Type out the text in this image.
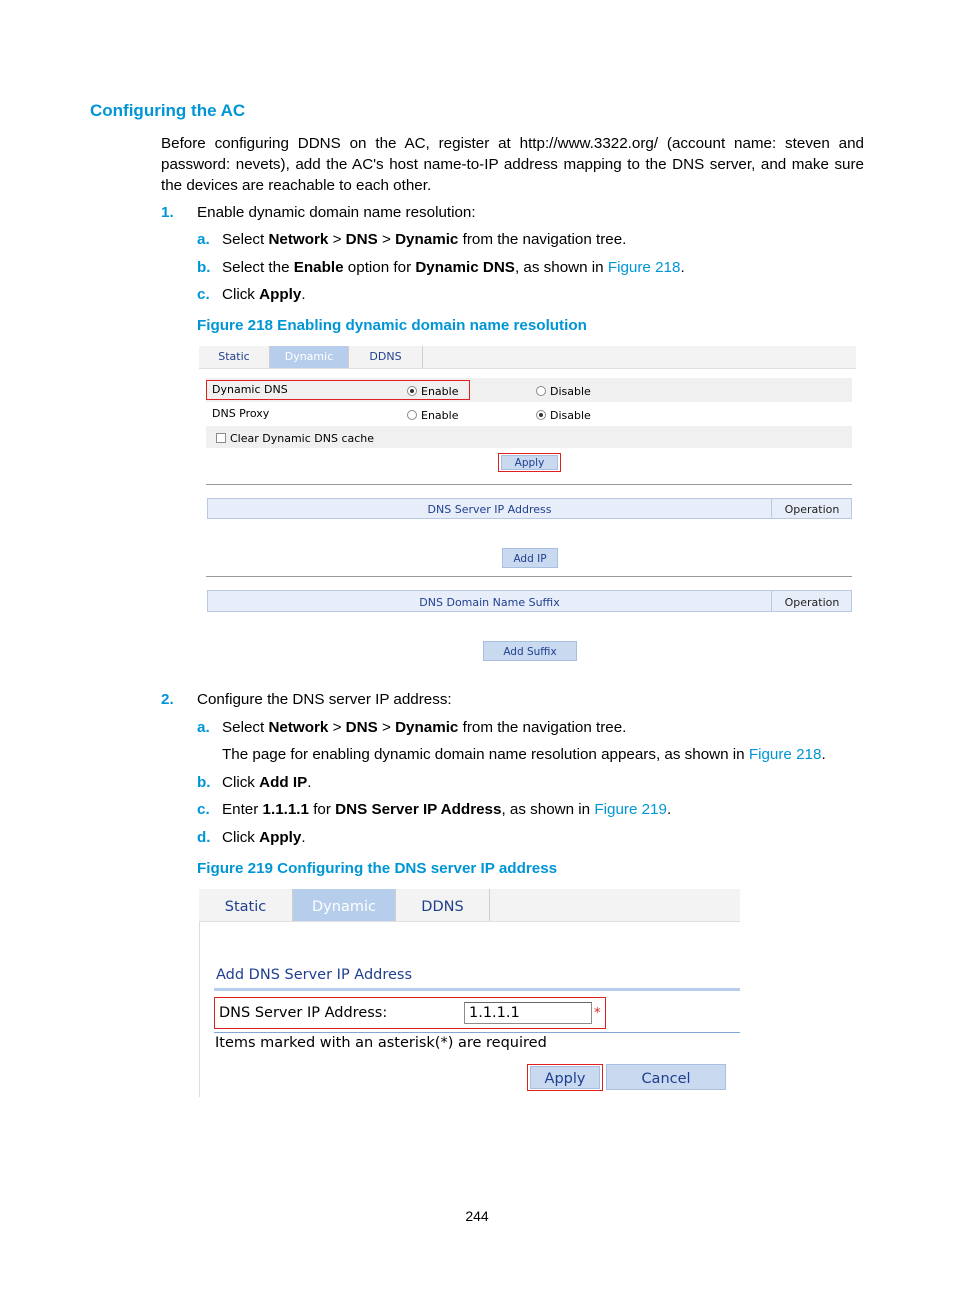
Configuring the AC
Before configuring DDNS on the AC, register at http://www.3322.org/ (account name: steven and password: nevets), add the AC's host name-to-IP address mapping to the DNS server, and make sure the devices are reachable to each other.
1. Enable dynamic domain name resolution:
a. Select Network > DNS > Dynamic from the navigation tree.
b. Select the Enable option for Dynamic DNS, as shown in Figure 218.
c. Click Apply.
Figure 218 Enabling dynamic domain name resolution
Static	Dynamic	DDNS
Dynamic DNS	Enable	Disable
DNS Proxy	Enable	Disable
Clear Dynamic DNS cache
Apply
DNS Server IP Address	Operation
Add IP
DNS Domain Name Suffix	Operation
Add Suffix
2. Configure the DNS server IP address:
a. Select Network > DNS > Dynamic from the navigation tree.
The page for enabling dynamic domain name resolution appears, as shown in Figure 218.
b. Click Add IP.
c. Enter 1.1.1.1 for DNS Server IP Address, as shown in Figure 219.
d. Click Apply.
Figure 219 Configuring the DNS server IP address
Static	Dynamic	DDNS
Add DNS Server IP Address
DNS Server IP Address:	1.1.1.1	*
Items marked with an asterisk(*) are required
Apply	Cancel
244
